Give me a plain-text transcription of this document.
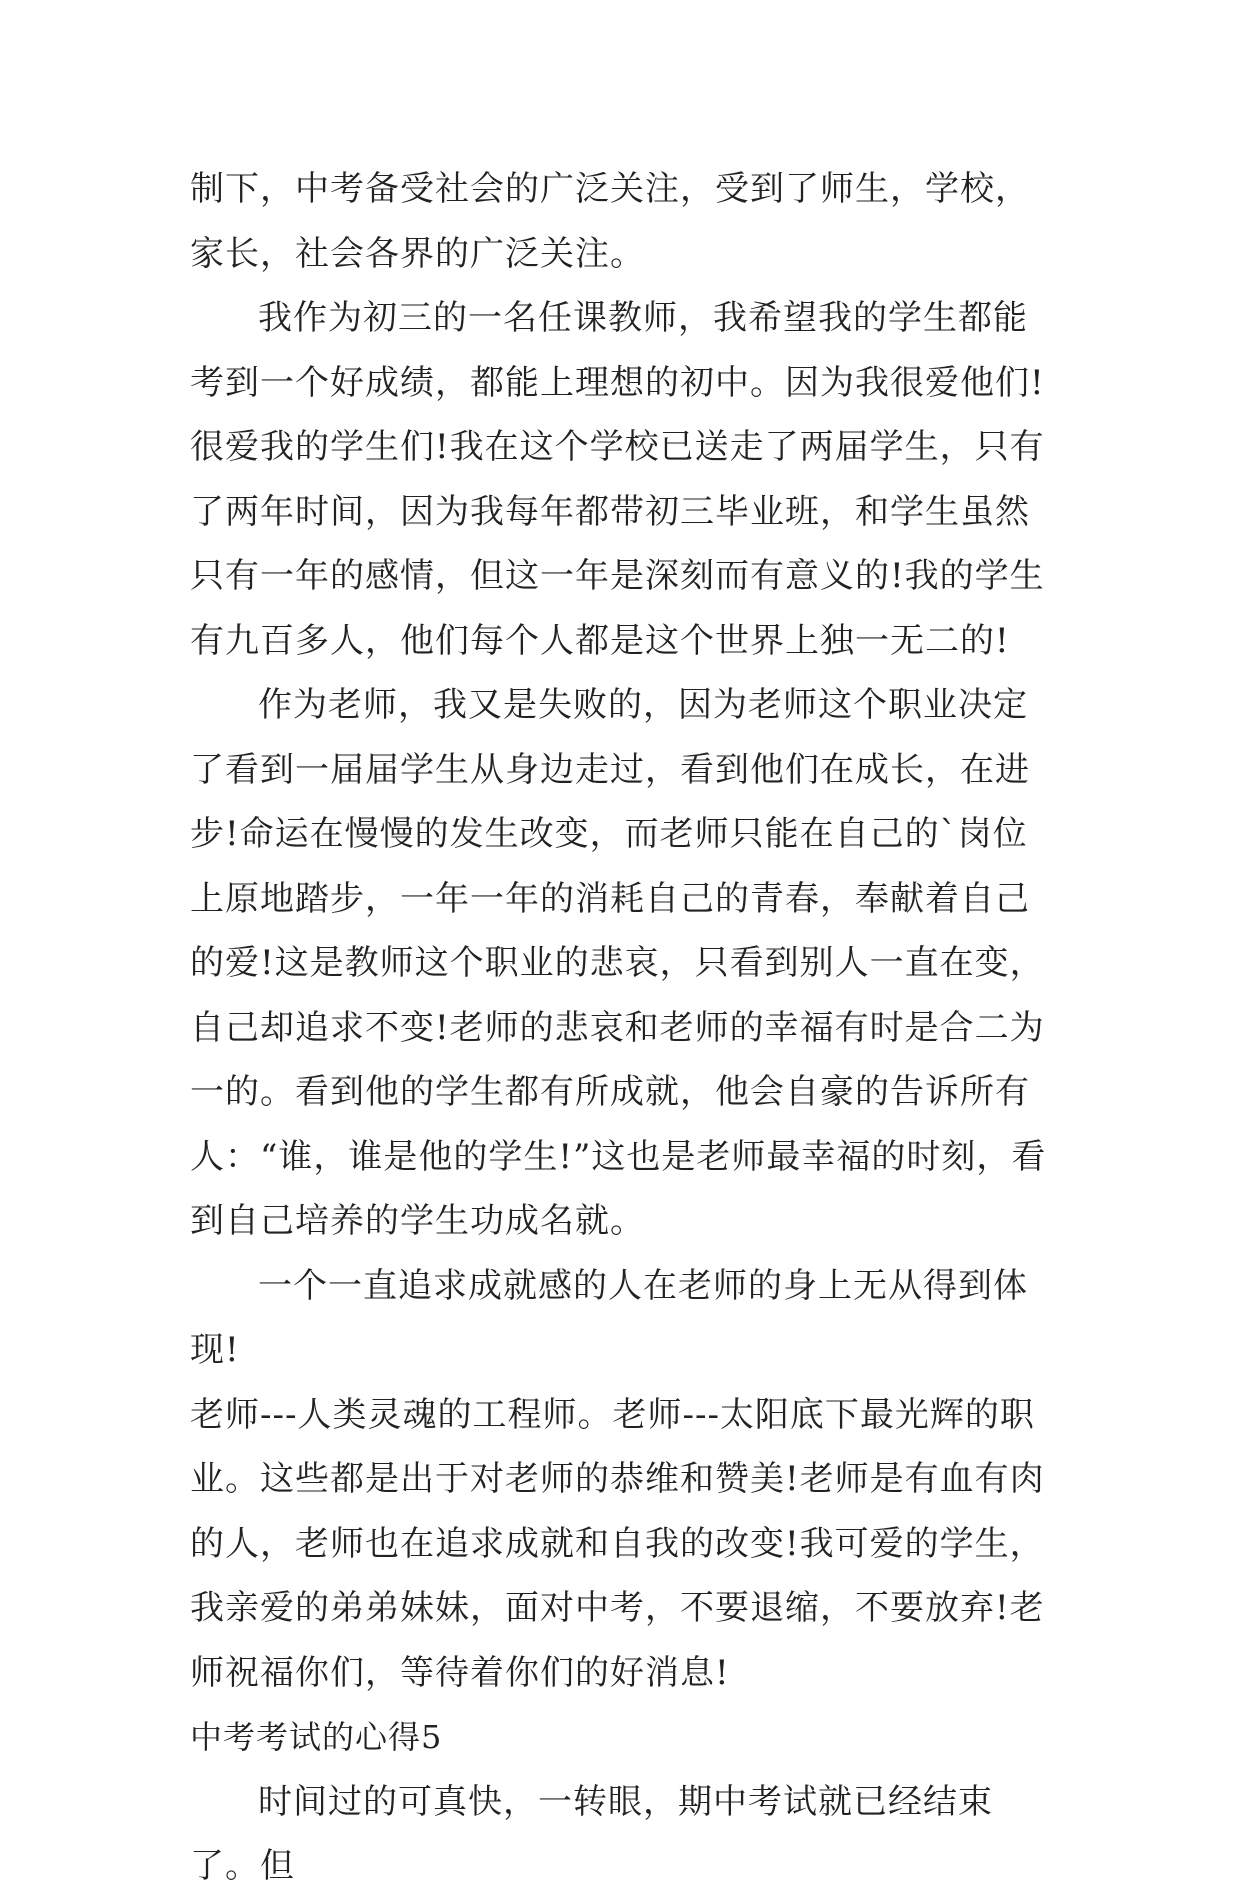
制下，中考备受社会的广泛关注，受到了师生，学校，家长，社会各界的广泛关注。

我作为初三的一名任课教师，我希望我的学生都能考到一个好成绩，都能上理想的初中。因为我很爱他们!很爱我的学生们!我在这个学校已送走了两届学生，只有了两年时间，因为我每年都带初三毕业班，和学生虽然只有一年的感情，但这一年是深刻而有意义的!我的学生有九百多人，他们每个人都是这个世界上独一无二的!

作为老师，我又是失败的，因为老师这个职业决定了看到一届届学生从身边走过，看到他们在成长，在进步!命运在慢慢的发生改变，而老师只能在自己的`岗位上原地踏步，一年一年的消耗自己的青春，奉献着自己的爱!这是教师这个职业的悲哀，只看到别人一直在变，自己却追求不变!老师的悲哀和老师的幸福有时是合二为一的。看到他的学生都有所成就，他会自豪的告诉所有人：“谁，谁是他的学生!”这也是老师最幸福的时刻，看到自己培养的学生功成名就。

一个一直追求成就感的人在老师的身上无从得到体现!

老师---人类灵魂的工程师。老师---太阳底下最光辉的职业。这些都是出于对老师的恭维和赞美!老师是有血有肉的人，老师也在追求成就和自我的改变!我可爱的学生，我亲爱的弟弟妹妹，面对中考，不要退缩，不要放弃!老师祝福你们，等待着你们的好消息!

中考考试的心得5

时间过的可真快，一转眼，期中考试就已经结束了。但
